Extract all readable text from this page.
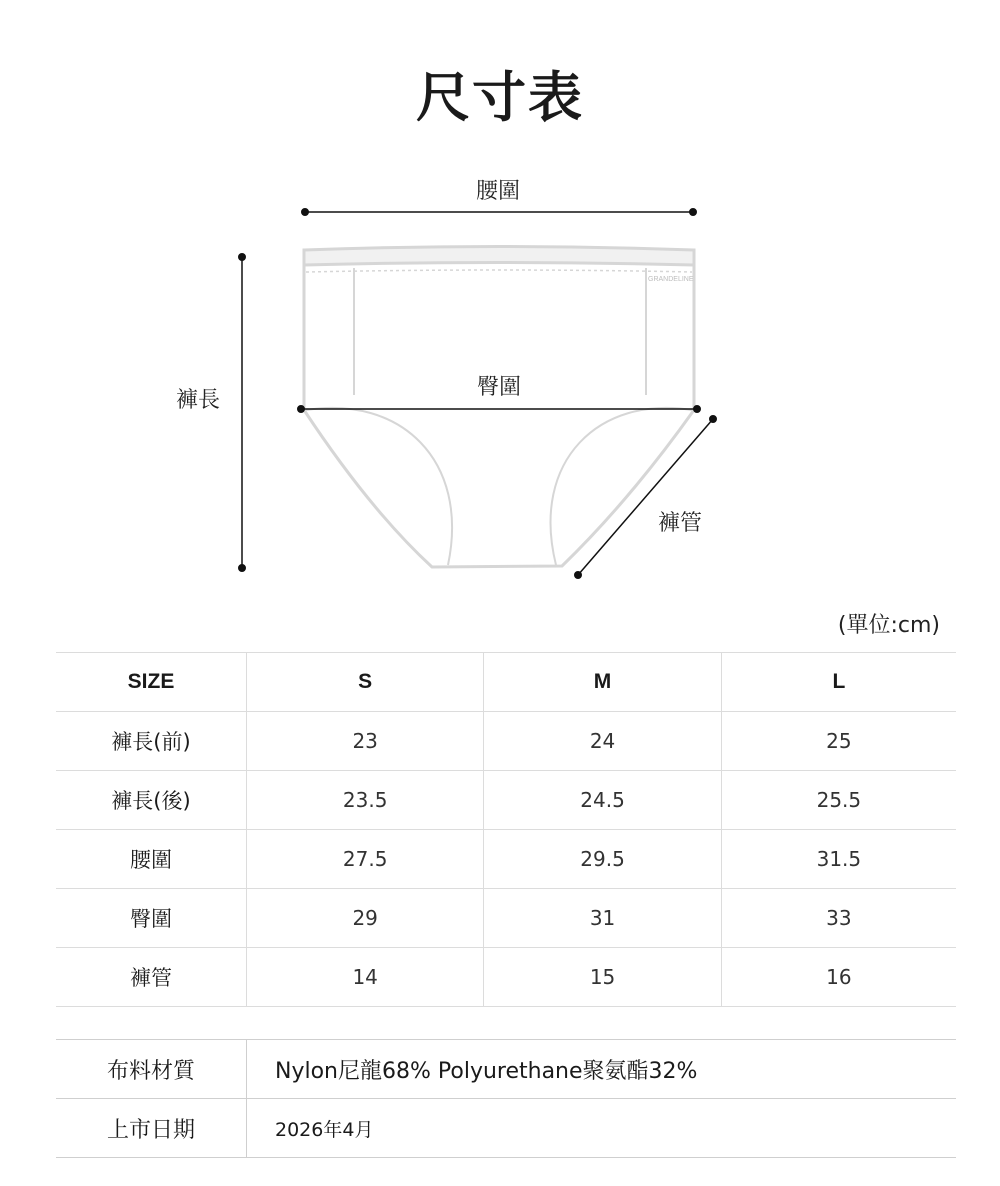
尺寸表
GRANDELINE
腰圍
臀圍
褲長
褲管
(單位:cm)
SIZE	S	M	L
褲長(前)	23	24	25
褲長(後)	23.5	24.5	25.5
腰圍	27.5	29.5	31.5
臀圍	29	31	33
褲管	14	15	16
布料材質	Nylon尼龍68% Polyurethane聚氨酯32%
上市日期	2026年4月
